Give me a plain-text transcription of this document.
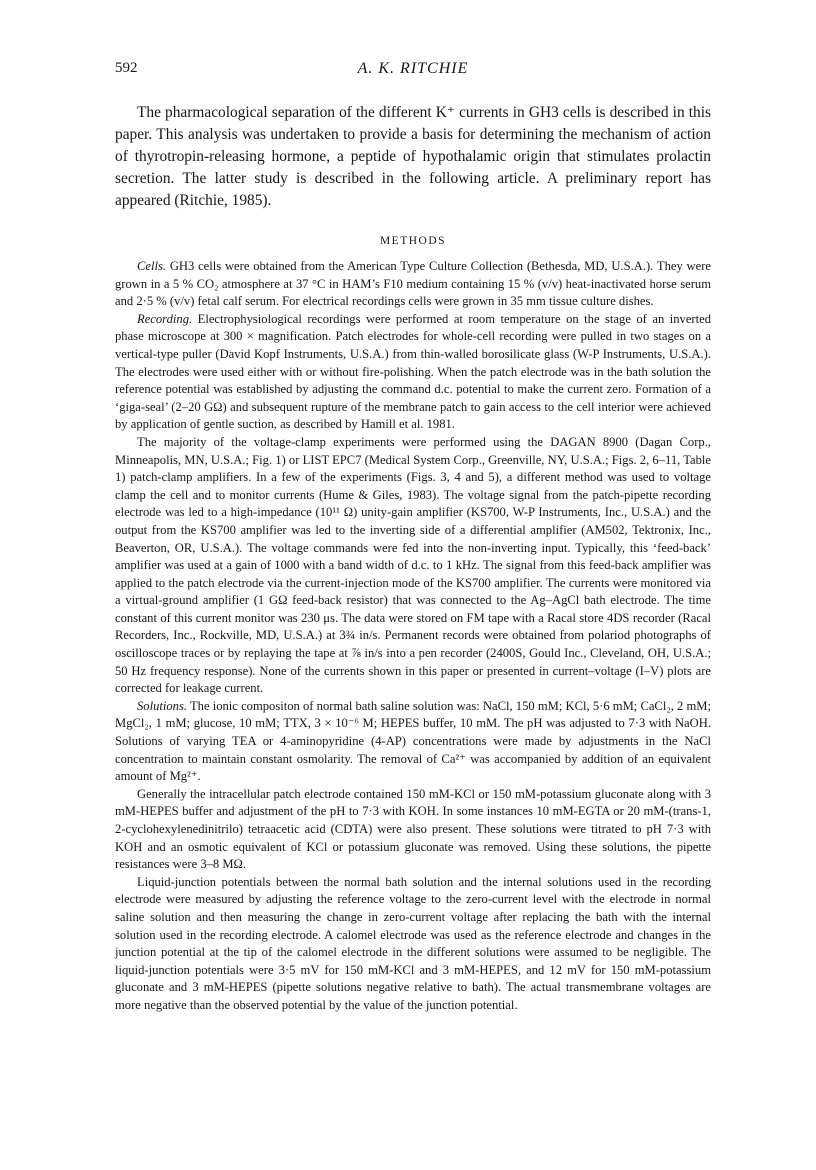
592	A. K. RITCHIE

The pharmacological separation of the different K⁺ currents in GH3 cells is described in this paper. This analysis was undertaken to provide a basis for determining the mechanism of action of thyrotropin-releasing hormone, a peptide of hypothalamic origin that stimulates prolactin secretion. The latter study is described in the following article. A preliminary report has appeared (Ritchie, 1985).

METHODS

Cells. GH3 cells were obtained from the American Type Culture Collection (Bethesda, MD, U.S.A.). They were grown in a 5 % CO₂ atmosphere at 37 °C in HAM’s F10 medium containing 15 % (v/v) heat-inactivated horse serum and 2·5 % (v/v) fetal calf serum. For electrical recordings cells were grown in 35 mm tissue culture dishes.

Recording. Electrophysiological recordings were performed at room temperature on the stage of an inverted phase microscope at 300 × magnification. Patch electrodes for whole-cell recording were pulled in two stages on a vertical-type puller (David Kopf Instruments, U.S.A.) from thin-walled borosilicate glass (W-P Instruments, U.S.A.). The electrodes were used either with or without fire-polishing. When the patch electrode was in the bath solution the reference potential was established by adjusting the command d.c. potential to make the current zero. Formation of a ‘giga-seal’ (2–20 GΩ) and subsequent rupture of the membrane patch to gain access to the cell interior were achieved by application of gentle suction, as described by Hamill et al. 1981.

The majority of the voltage-clamp experiments were performed using the DAGAN 8900 (Dagan Corp., Minneapolis, MN, U.S.A.; Fig. 1) or LIST EPC7 (Medical System Corp., Greenville, NY, U.S.A.; Figs. 2, 6–11, Table 1) patch-clamp amplifiers. In a few of the experiments (Figs. 3, 4 and 5), a different method was used to voltage clamp the cell and to monitor currents (Hume & Giles, 1983). The voltage signal from the patch-pipette recording electrode was led to a high-impedance (10¹¹ Ω) unity-gain amplifier (KS700, W-P Instruments, Inc., U.S.A.) and the output from the KS700 amplifier was led to the inverting side of a differential amplifier (AM502, Tektronix, Inc., Beaverton, OR, U.S.A.). The voltage commands were fed into the non-inverting input. Typically, this ‘feed-back’ amplifier was used at a gain of 1000 with a band width of d.c. to 1 kHz. The signal from this feed-back amplifier was applied to the patch electrode via the current-injection mode of the KS700 amplifier. The currents were monitored via a virtual-ground amplifier (1 GΩ feed-back resistor) that was connected to the Ag–AgCl bath electrode. The time constant of this current monitor was 230 μs. The data were stored on FM tape with a Racal store 4DS recorder (Racal Recorders, Inc., Rockville, MD, U.S.A.) at 3¾ in/s. Permanent records were obtained from polariod photographs of oscilloscope traces or by replaying the tape at ⅞ in/s into a pen recorder (2400S, Gould Inc., Cleveland, OH, U.S.A.; 50 Hz frequency response). None of the currents shown in this paper or presented in current–voltage (I–V) plots are corrected for leakage current.

Solutions. The ionic compositon of normal bath saline solution was: NaCl, 150 mM; KCl, 5·6 mM; CaCl₂, 2 mM; MgCl₂, 1 mM; glucose, 10 mM; TTX, 3 × 10⁻⁶ M; HEPES buffer, 10 mM. The pH was adjusted to 7·3 with NaOH. Solutions of varying TEA or 4-aminopyridine (4-AP) concentrations were made by adjustments in the NaCl concentration to maintain constant osmolarity. The removal of Ca²⁺ was accompanied by addition of an equivalent amount of Mg²⁺.

Generally the intracellular patch electrode contained 150 mM-KCl or 150 mM-potassium gluconate along with 3 mM-HEPES buffer and adjustment of the pH to 7·3 with KOH. In some instances 10 mM-EGTA or 20 mM-(trans-1, 2-cyclohexylenedinitrilo) tetraacetic acid (CDTA) were also present. These solutions were titrated to pH 7·3 with KOH and an osmotic equivalent of KCl or potassium gluconate was removed. Using these solutions, the pipette resistances were 3–8 MΩ.

Liquid-junction potentials between the normal bath solution and the internal solutions used in the recording electrode were measured by adjusting the reference voltage to the zero-current level with the electrode in normal saline solution and then measuring the change in zero-current voltage after replacing the bath with the internal solution used in the recording electrode. A calomel electrode was used as the reference electrode and changes in the junction potential at the tip of the calomel electrode in the different solutions were assumed to be negligible. The liquid-junction potentials were 3·5 mV for 150 mM-KCl and 3 mM-HEPES, and 12 mV for 150 mM-potassium gluconate and 3 mM-HEPES (pipette solutions negative relative to bath). The actual transmembrane voltages are more negative than the observed potential by the value of the junction potential.
